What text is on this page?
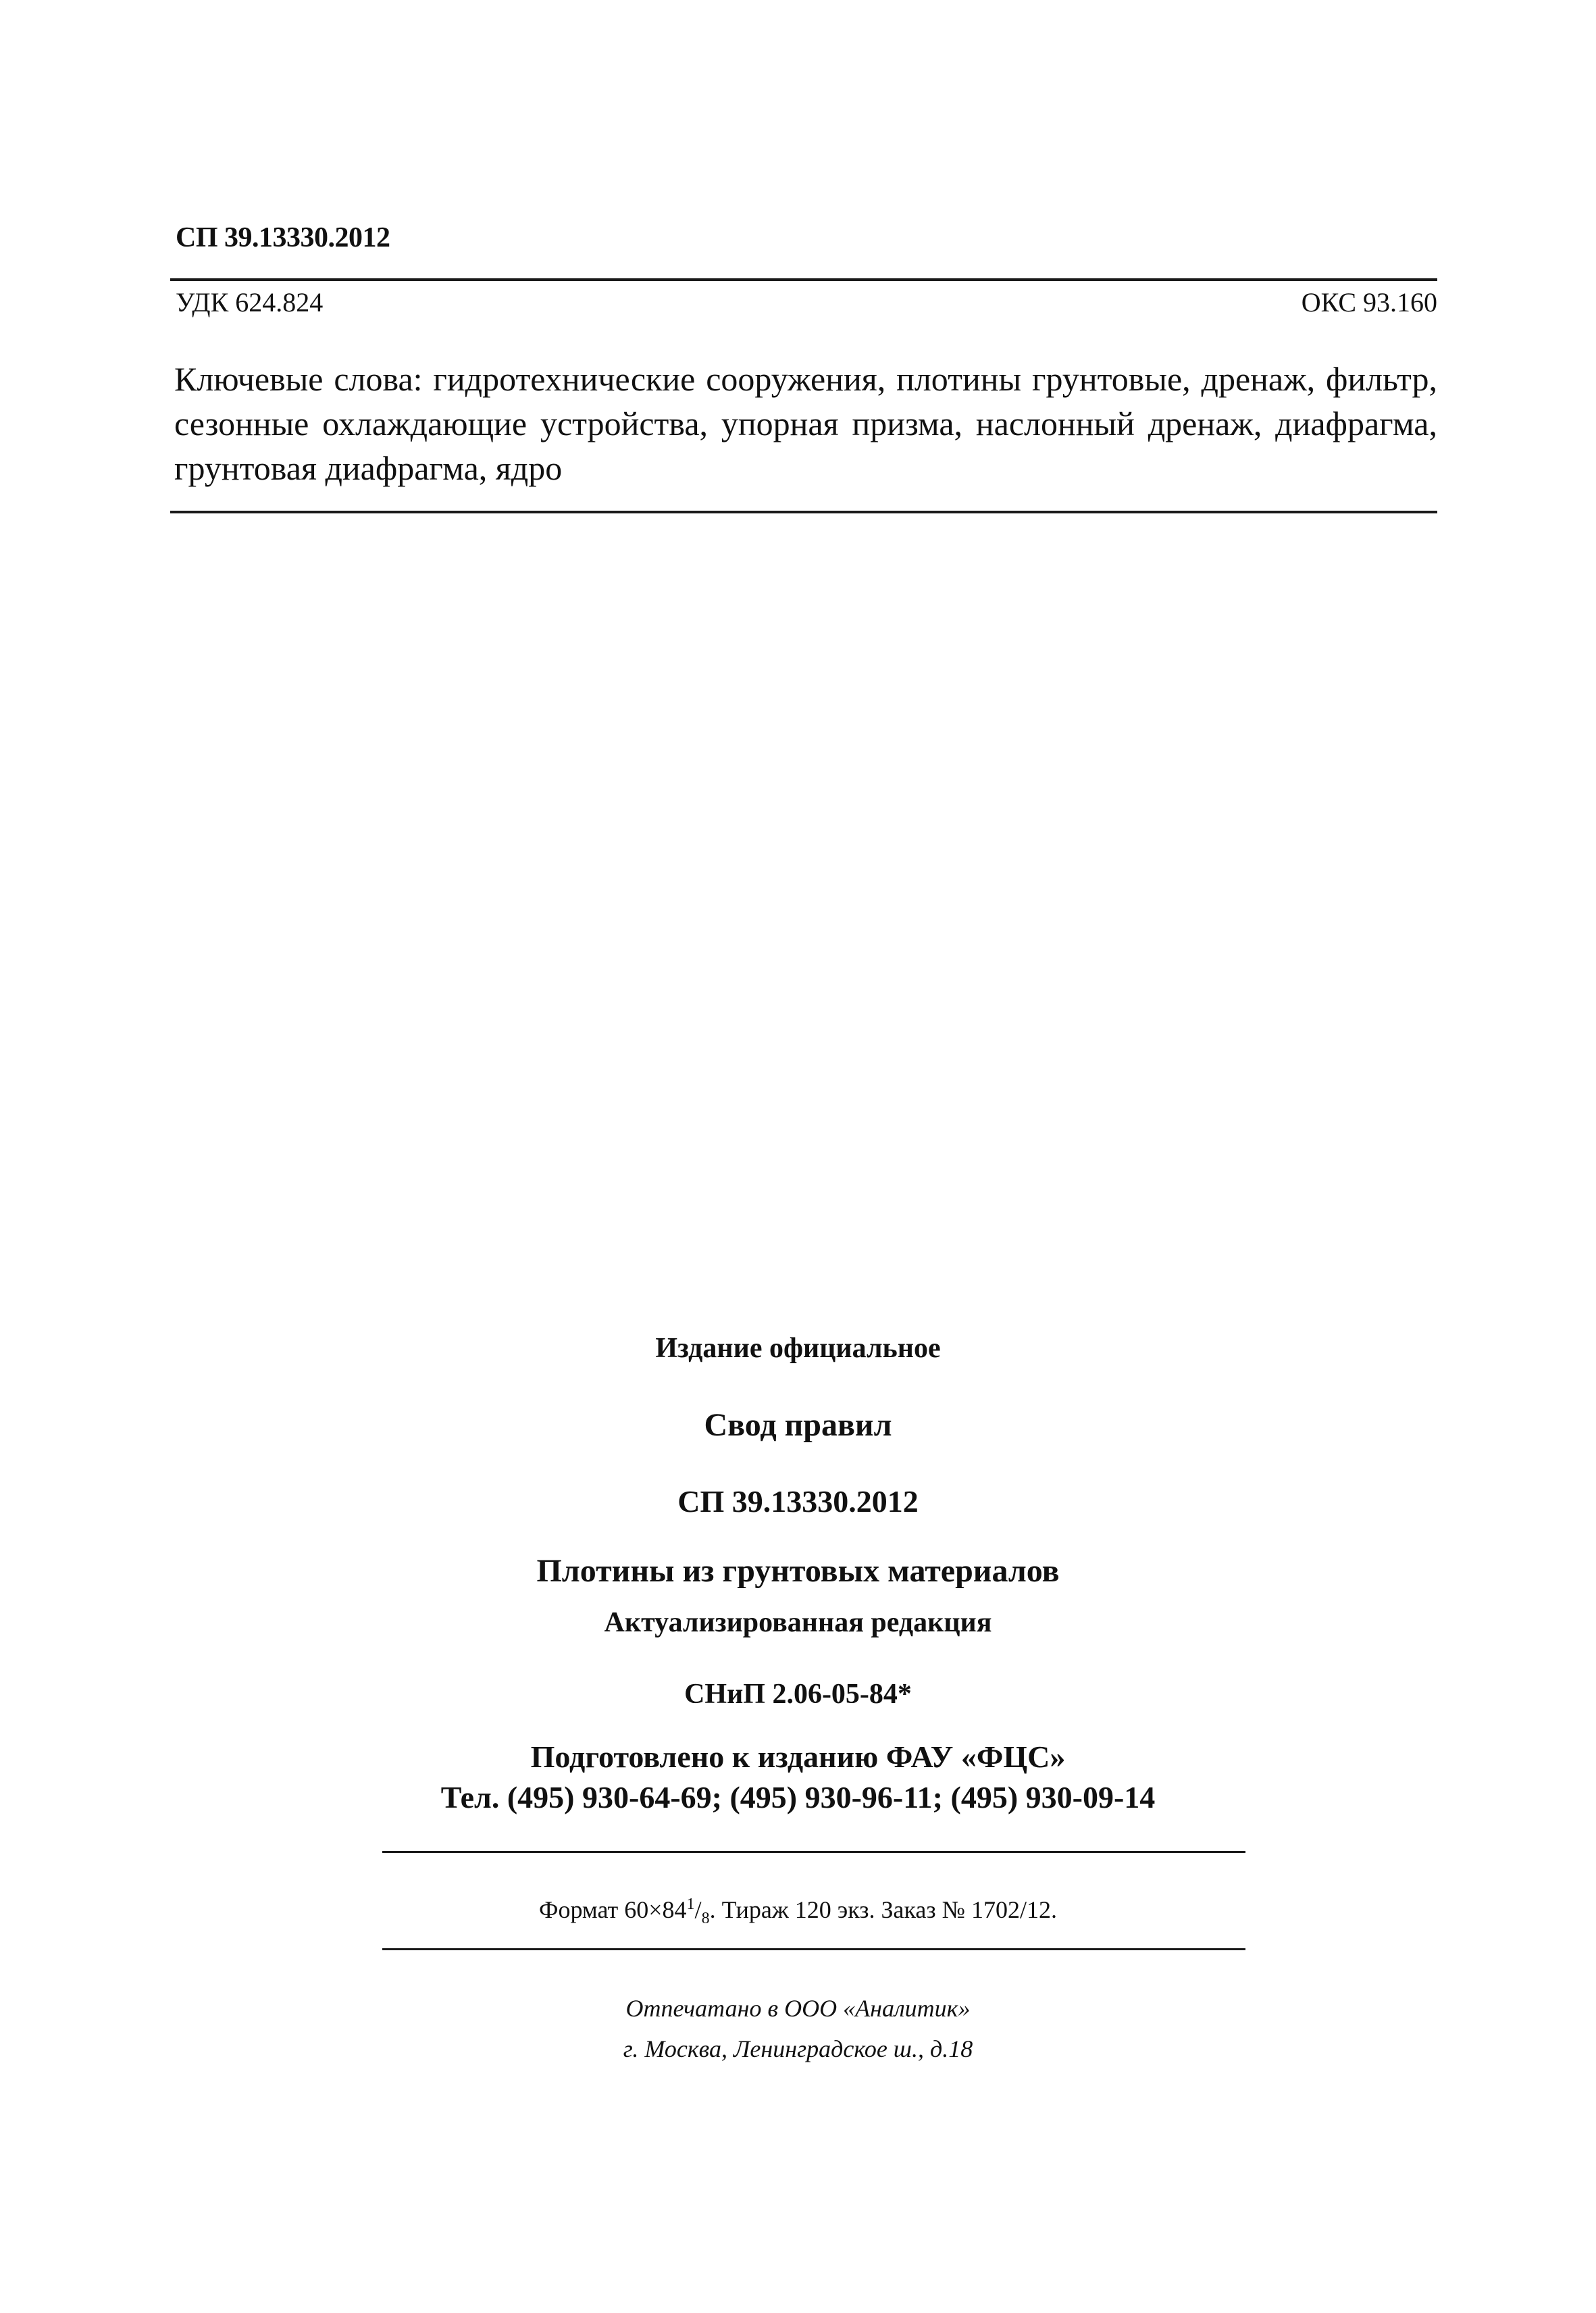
СП 39.13330.2012
УДК 624.824	ОКС 93.160
Ключевые слова: гидротехнические сооружения, плотины грунтовые, дренаж, фильтр, сезонные охлаждающие устройства, упорная призма, наслонный дренаж, диафрагма, грунтовая диафрагма, ядро
Издание официальное
Свод правил
СП 39.13330.2012
Плотины из грунтовых материалов
Актуализированная редакция
СНиП 2.06-05-84*
Подготовлено к изданию ФАУ «ФЦС»
Тел. (495) 930-64-69; (495) 930-96-11; (495) 930-09-14
Формат $60\times 84^1/_8$. Тираж 120 экз. Заказ № 1702/12.
Отпечатано в ООО «Аналитик»
г. Москва, Ленинградское ш., д.18
